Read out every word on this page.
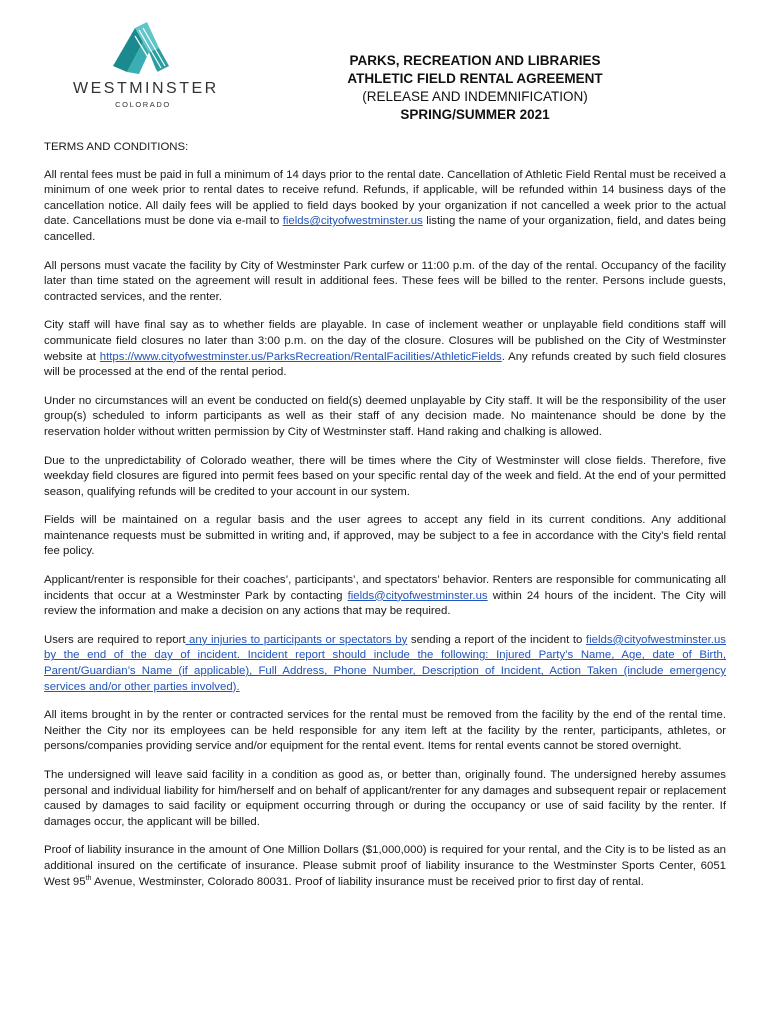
WESTMINSTER
COLORADO
PARKS, RECREATION AND LIBRARIES
ATHLETIC FIELD RENTAL AGREEMENT
(RELEASE AND INDEMNIFICATION)
SPRING/SUMMER 2021
TERMS AND CONDITIONS:

All rental fees must be paid in full a minimum of 14 days prior to the rental date. Cancellation of Athletic Field Rental must be received a minimum of one week prior to rental dates to receive refund. Refunds, if applicable, will be refunded within 14 business days of the cancellation notice. All daily fees will be applied to field days booked by your organization if not cancelled a week prior to the actual date. Cancellations must be done via e-mail to fields@cityofwestminster.us listing the name of your organization, field, and dates being cancelled.

All persons must vacate the facility by City of Westminster Park curfew or 11:00 p.m. of the day of the rental. Occupancy of the facility later than time stated on the agreement will result in additional fees. These fees will be billed to the renter. Persons include guests, contracted services, and the renter.

City staff will have final say as to whether fields are playable. In case of inclement weather or unplayable field conditions staff will communicate field closures no later than 3:00 p.m. on the day of the closure. Closures will be published on the City of Westminster website at https://www.cityofwestminster.us/ParksRecreation/RentalFacilities/AthleticFields. Any refunds created by such field closures will be processed at the end of the rental period.

Under no circumstances will an event be conducted on field(s) deemed unplayable by City staff. It will be the responsibility of the user group(s) scheduled to inform participants as well as their staff of any decision made. No maintenance should be done by the reservation holder without written permission by City of Westminster staff. Hand raking and chalking is allowed.

Due to the unpredictability of Colorado weather, there will be times where the City of Westminster will close fields. Therefore, five weekday field closures are figured into permit fees based on your specific rental day of the week and field. At the end of your permitted season, qualifying refunds will be credited to your account in our system.

Fields will be maintained on a regular basis and the user agrees to accept any field in its current conditions. Any additional maintenance requests must be submitted in writing and, if approved, may be subject to a fee in accordance with the City’s field rental fee policy.

Applicant/renter is responsible for their coaches’, participants’, and spectators’ behavior. Renters are responsible for communicating all incidents that occur at a Westminster Park by contacting fields@cityofwestminster.us within 24 hours of the incident. The City will review the information and make a decision on any actions that may be required.

Users are required to report any injuries to participants or spectators by sending a report of the incident to fields@cityofwestminster.us by the end of the day of incident. Incident report should include the following: Injured Party’s Name, Age, date of Birth, Parent/Guardian’s Name (if applicable), Full Address, Phone Number, Description of Incident, Action Taken (include emergency services and/or other parties involved).

All items brought in by the renter or contracted services for the rental must be removed from the facility by the end of the rental time. Neither the City nor its employees can be held responsible for any item left at the facility by the renter, participants, athletes, or persons/companies providing service and/or equipment for the rental event. Items for rental events cannot be stored overnight.

The undersigned will leave said facility in a condition as good as, or better than, originally found. The undersigned hereby assumes personal and individual liability for him/herself and on behalf of applicant/renter for any damages and subsequent repair or replacement caused by damages to said facility or equipment occurring through or during the occupancy or use of said facility by the renter. If damages occur, the applicant will be billed.

Proof of liability insurance in the amount of One Million Dollars ($1,000,000) is required for your rental, and the City is to be listed as an additional insured on the certificate of insurance. Please submit proof of liability insurance to the Westminster Sports Center, 6051 West 95th Avenue, Westminster, Colorado 80031. Proof of liability insurance must be received prior to first day of rental.
